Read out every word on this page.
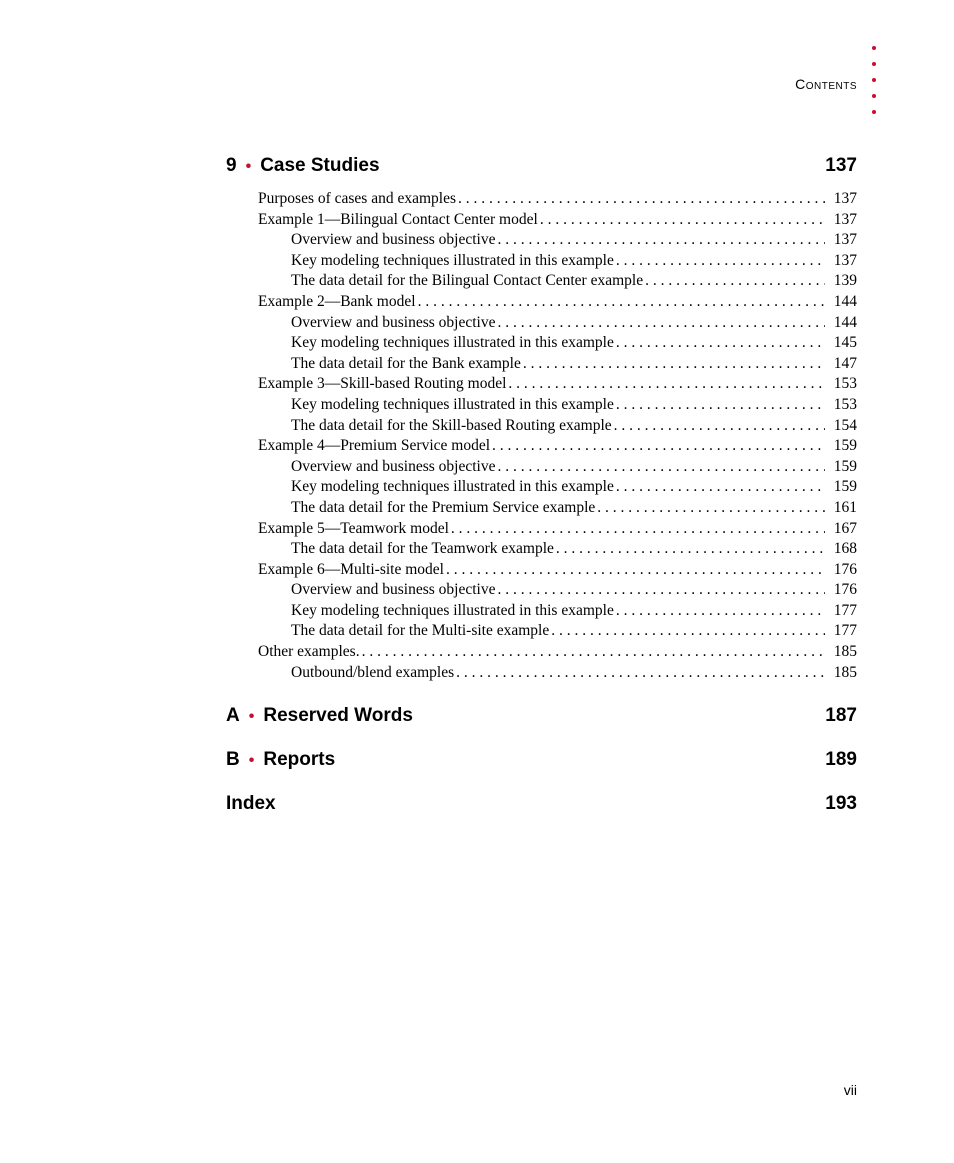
Contents
9 • Case Studies	137
Purposes of cases and examples . . .	137
Example 1—Bilingual Contact Center model . . .	137
Overview and business objective . . .	137
Key modeling techniques illustrated in this example . . .	137
The data detail for the Bilingual Contact Center example . . .	139
Example 2—Bank model . . .	144
Overview and business objective . . .	144
Key modeling techniques illustrated in this example . . .	145
The data detail for the Bank example . . .	147
Example 3—Skill-based Routing model . . .	153
Key modeling techniques illustrated in this example . . .	153
The data detail for the Skill-based Routing example . . .	154
Example 4—Premium Service model . . .	159
Overview and business objective . . .	159
Key modeling techniques illustrated in this example . . .	159
The data detail for the Premium Service example . . .	161
Example 5—Teamwork model . . .	167
The data detail for the Teamwork example . . .	168
Example 6—Multi-site model . . .	176
Overview and business objective . . .	176
Key modeling techniques illustrated in this example . . .	177
The data detail for the Multi-site example . . .	177
Other examples. . . .	185
Outbound/blend examples . . .	185
A • Reserved Words	187
B • Reports	189
Index	193
vii
